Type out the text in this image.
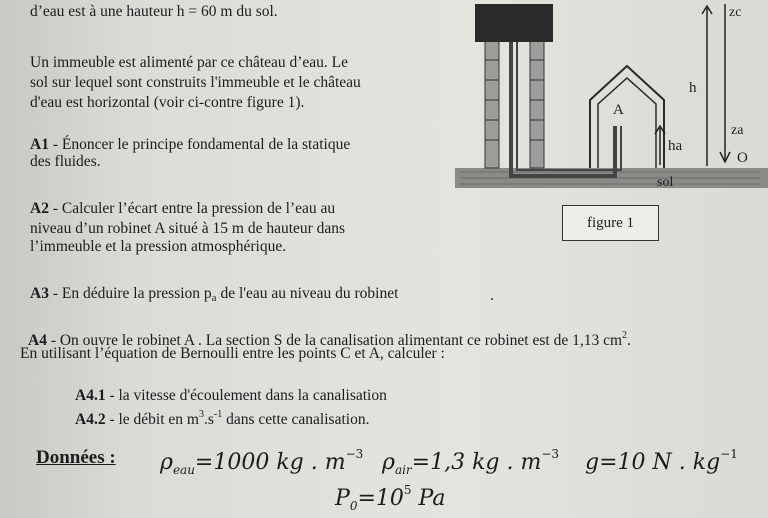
d’eau est à une hauteur h = 60 m du sol.
Un immeuble est alimenté par ce château d’eau. Le
sol sur lequel sont construits l'immeuble et le château
d'eau est horizontal (voir ci-contre figure 1).
A1 - Énoncer le principe fondamental de la statique
des fluides.
A2 - Calculer l’écart entre la pression de l’eau au
niveau d’un robinet A situé à 15 m de hauteur dans
l’immeuble et la pression atmosphérique.
A3 - En déduire la pression $p_a$ de l'eau au niveau du robinet	.
A4 - On ouvre le robinet A . La section S de la canalisation alimentant ce robinet est de 1,13 $cm^2$.
En utilisant l’équation de Bernoulli entre les points C et A, calculer :
A4.1 - la vitesse d'écoulement dans la canalisation
A4.2 - le débit en $m^3.s^{-1}$ dans cette canalisation.
Données : $\rho_{eau}=1000$ kg . $m^{-3}$ $\rho_{air}=1,3$ kg . $m^{-3}$ g=10 N . $kg^{-1}$
$P_0=10^5$ Pa
zc
h
A
ha
za
O
sol
figure 1
